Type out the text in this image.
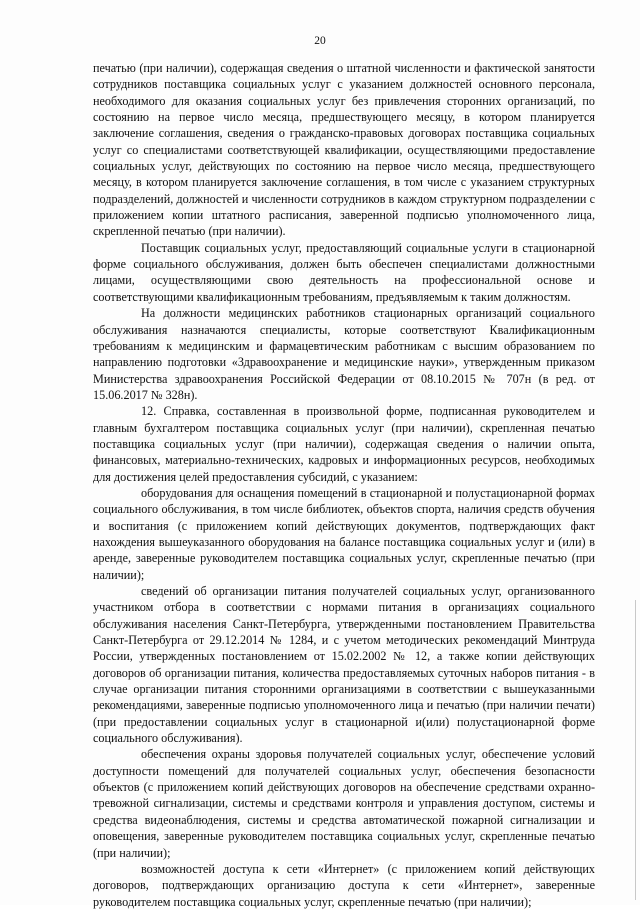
20

печатью (при наличии), содержащая сведения о штатной численности и фактической занятости сотрудников поставщика социальных услуг с указанием должностей основного персонала, необходимого для оказания социальных услуг без привлечения сторонних организаций, по состоянию на первое число месяца, предшествующего месяцу, в котором планируется заключение соглашения, сведения о гражданско-правовых договорах поставщика социальных услуг со специалистами соответствующей квалификации, осуществляющими предоставление социальных услуг, действующих по состоянию на первое число месяца, предшествующего месяцу, в котором планируется заключение соглашения, в том числе с указанием структурных подразделений, должностей и численности сотрудников в каждом структурном подразделении с приложением копии штатного расписания, заверенной подписью уполномоченного лица, скрепленной печатью (при наличии).

Поставщик социальных услуг, предоставляющий социальные услуги в стационарной форме социального обслуживания, должен быть обеспечен специалистами должностными лицами, осуществляющими свою деятельность на профессиональной основе и соответствующими квалификационным требованиям, предъявляемым к таким должностям.

На должности медицинских работников стационарных организаций социального обслуживания назначаются специалисты, которые соответствуют Квалификационным требованиям к медицинским и фармацевтическим работникам с высшим образованием по направлению подготовки «Здравоохранение и медицинские науки», утвержденным приказом Министерства здравоохранения Российской Федерации от 08.10.2015 № 707н (в ред. от 15.06.2017 № 328н).

12. Справка, составленная в произвольной форме, подписанная руководителем и главным бухгалтером поставщика социальных услуг (при наличии), скрепленная печатью поставщика социальных услуг (при наличии), содержащая сведения о наличии опыта, финансовых, материально-технических, кадровых и информационных ресурсов, необходимых для достижения целей предоставления субсидий, с указанием:

оборудования для оснащения помещений в стационарной и полустационарной формах социального обслуживания, в том числе библиотек, объектов спорта, наличия средств обучения и воспитания (с приложением копий действующих документов, подтверждающих факт нахождения вышеуказанного оборудования на балансе поставщика социальных услуг и (или) в аренде, заверенные руководителем поставщика социальных услуг, скрепленные печатью (при наличии);

сведений об организации питания получателей социальных услуг, организованного участником отбора в соответствии с нормами питания в организациях социального обслуживания населения Санкт-Петербурга, утвержденными постановлением Правительства Санкт-Петербурга от 29.12.2014 № 1284, и с учетом методических рекомендаций Минтруда России, утвержденных постановлением от 15.02.2002 № 12, а также копии действующих договоров об организации питания, количества предоставляемых суточных наборов питания - в случае организации питания сторонними организациями в соответствии с вышеуказанными рекомендациями, заверенные подписью уполномоченного лица и печатью (при наличии печати) (при предоставлении социальных услуг в стационарной и(или) полустационарной форме социального обслуживания).

обеспечения охраны здоровья получателей социальных услуг, обеспечение условий доступности помещений для получателей социальных услуг, обеспечения безопасности объектов (с приложением копий действующих договоров на обеспечение средствами охранно-тревожной сигнализации, системы и средствами контроля и управления доступом, системы и средства видеонаблюдения, системы и средства автоматической пожарной сигнализации и оповещения, заверенные руководителем поставщика социальных услуг, скрепленные печатью (при наличии);

возможностей доступа к сети «Интернет» (с приложением копий действующих договоров, подтверждающих организацию доступа к сети «Интернет», заверенные руководителем поставщика социальных услуг, скрепленные печатью (при наличии);
